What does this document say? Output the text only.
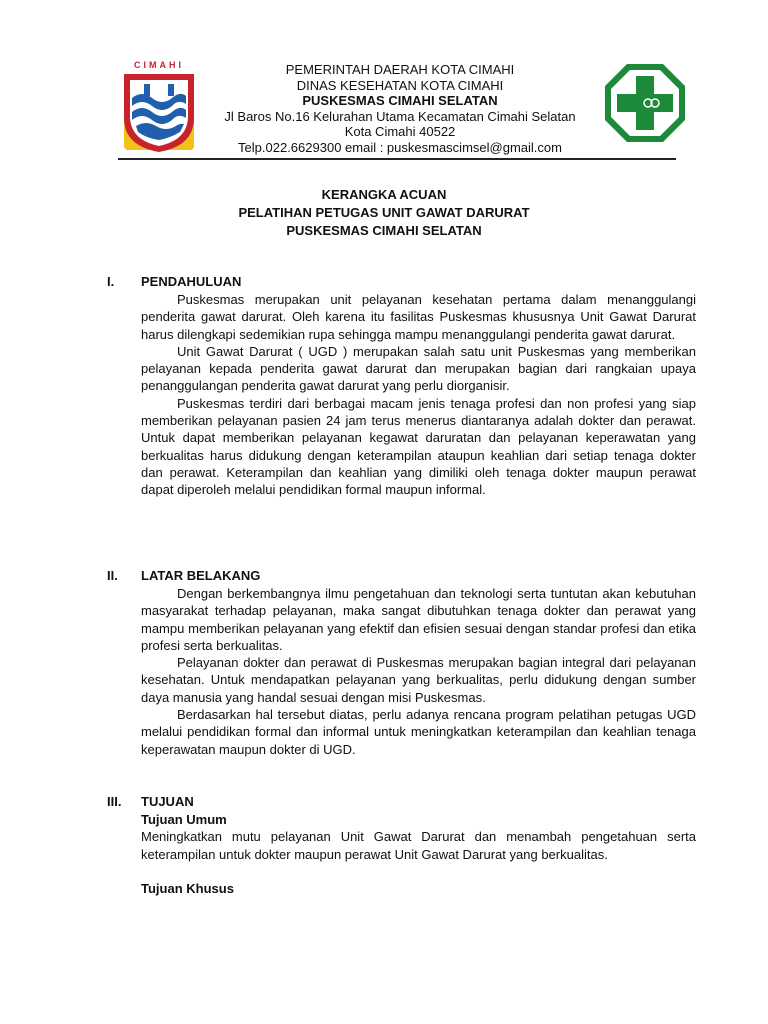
CIMAHI	PEMERINTAH DAERAH KOTA CIMAHI
DINAS KESEHATAN KOTA CIMAHI
PUSKESMAS CIMAHI SELATAN
Jl Baros No.16 Kelurahan Utama Kecamatan Cimahi Selatan
Kota Cimahi 40522
Telp.022.6629300 email : puskesmascimsel@gmail.com
KERANGKA ACUAN
PELATIHAN PETUGAS UNIT GAWAT DARURAT
PUSKESMAS CIMAHI SELATAN
I. PENDAHULUAN

Puskesmas merupakan unit pelayanan kesehatan pertama dalam menanggulangi penderita gawat darurat. Oleh karena itu fasilitas Puskesmas khususnya Unit Gawat Darurat harus dilengkapi sedemikian rupa sehingga mampu menanggulangi penderita gawat darurat.

Unit Gawat Darurat ( UGD ) merupakan salah satu unit Puskesmas yang memberikan pelayanan kepada penderita gawat darurat dan merupakan bagian dari rangkaian upaya penanggulangan penderita gawat darurat yang perlu diorganisir.

Puskesmas terdiri dari berbagai macam jenis tenaga profesi dan non profesi yang siap memberikan pelayanan pasien 24 jam terus menerus diantaranya adalah dokter dan perawat. Untuk dapat memberikan pelayanan kegawat daruratan dan pelayanan keperawatan yang berkualitas harus didukung dengan keterampilan ataupun keahlian dari setiap tenaga dokter dan perawat. Keterampilan dan keahlian yang dimiliki oleh tenaga dokter maupun perawat dapat diperoleh melalui pendidikan formal maupun informal.

II. LATAR BELAKANG

Dengan berkembangnya ilmu pengetahuan dan teknologi serta tuntutan akan kebutuhan masyarakat terhadap pelayanan, maka sangat dibutuhkan tenaga dokter dan perawat yang mampu memberikan pelayanan yang efektif dan efisien sesuai dengan standar profesi dan etika profesi serta berkualitas.

Pelayanan dokter dan perawat di Puskesmas merupakan bagian integral dari pelayanan kesehatan. Untuk mendapatkan pelayanan yang berkualitas, perlu didukung dengan sumber daya manusia yang handal sesuai dengan misi Puskesmas.

Berdasarkan hal tersebut diatas, perlu adanya rencana program pelatihan petugas UGD melalui pendidikan formal dan informal untuk meningkatkan keterampilan dan keahlian tenaga keperawatan maupun dokter di UGD.

III. TUJUAN
Tujuan Umum

Meningkatkan mutu pelayanan Unit Gawat Darurat dan menambah pengetahuan serta keterampilan untuk dokter maupun perawat Unit Gawat Darurat yang berkualitas.

Tujuan Khusus
